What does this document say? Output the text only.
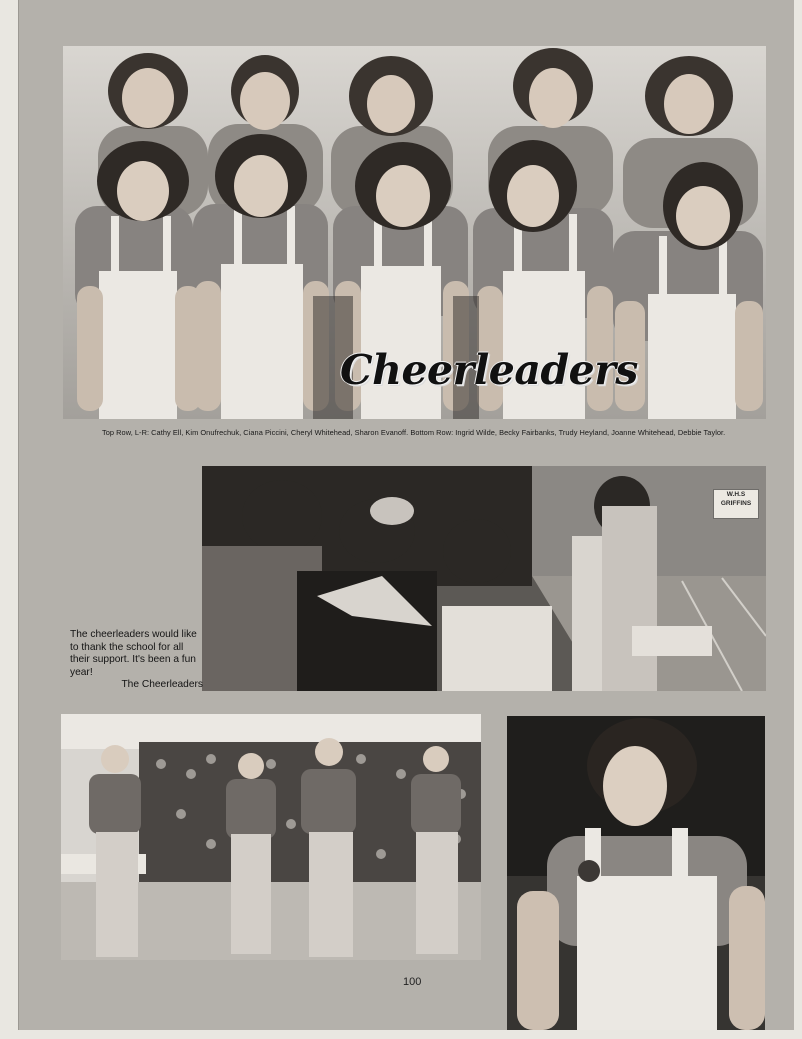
Cheerleaders
Top Row, L-R: Cathy Ell, Kim Onufrechuk, Ciana Piccini, Cheryl Whitehead, Sharon Evanoff. Bottom Row: Ingrid Wilde, Becky Fairbanks, Trudy Heyland, Joanne Whitehead, Debbie Taylor.
W.H.S GRIFFINS
The cheerleaders would like to thank the school for all their support. It's been a fun year!
The Cheerleaders
100
